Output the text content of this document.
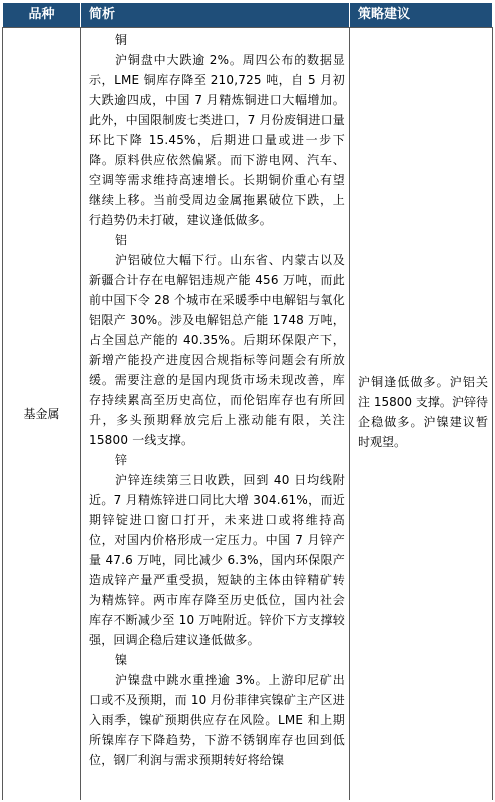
品种	简析	策略建议
基金属
铜
沪铜盘中大跌逾 2%。周四公布的数据显示，LME 铜库存降至 210,725 吨，自 5 月初大跌逾四成，中国 7 月精炼铜进口大幅增加。此外，中国限制废七类进口，7 月份废铜进口量环比下降 15.45%，后期进口量或进一步下降。原料供应依然偏紧。而下游电网、汽车、空调等需求维持高速增长。长期铜价重心有望继续上移。当前受周边金属拖累破位下跌，上行趋势仍未打破，建议逢低做多。
铝
沪铝破位大幅下行。山东省、内蒙古以及新疆合计存在电解铝违规产能 456 万吨，而此前中国下令 28 个城市在采暖季中电解铝与氧化铝限产 30%。涉及电解铝总产能 1748 万吨，占全国总产能的 40.35%。后期环保限产下，新增产能投产进度因合规指标等问题会有所放缓。需要注意的是国内现货市场未现改善，库存持续累高至历史高位，而伦铝库存也有所回升，多头预期释放完后上涨动能有限，关注 15800 一线支撑。
锌
沪锌连续第三日收跌，回到 40 日均线附近。7 月精炼锌进口同比大增 304.61%，而近期锌锭进口窗口打开，未来进口或将维持高位，对国内价格形成一定压力。中国 7 月锌产量 47.6 万吨，同比减少 6.3%，国内环保限产造成锌产量严重受损，短缺的主体由锌精矿转为精炼锌。两市库存降至历史低位，国内社会库存不断减少至 10 万吨附近。锌价下方支撑较强，回调企稳后建议逢低做多。
镍
沪镍盘中跳水重挫逾 3%。上游印尼矿出口或不及预期，而 10 月份菲律宾镍矿主产区进入雨季，镍矿预期供应存在风险。LME 和上期所镍库存下降趋势，下游不锈钢库存也回到低位，钢厂利润与需求预期转好将给镍
沪铜逢低做多。沪铝关注 15800 支撑。沪锌待企稳做多。沪镍建议暂时观望。
